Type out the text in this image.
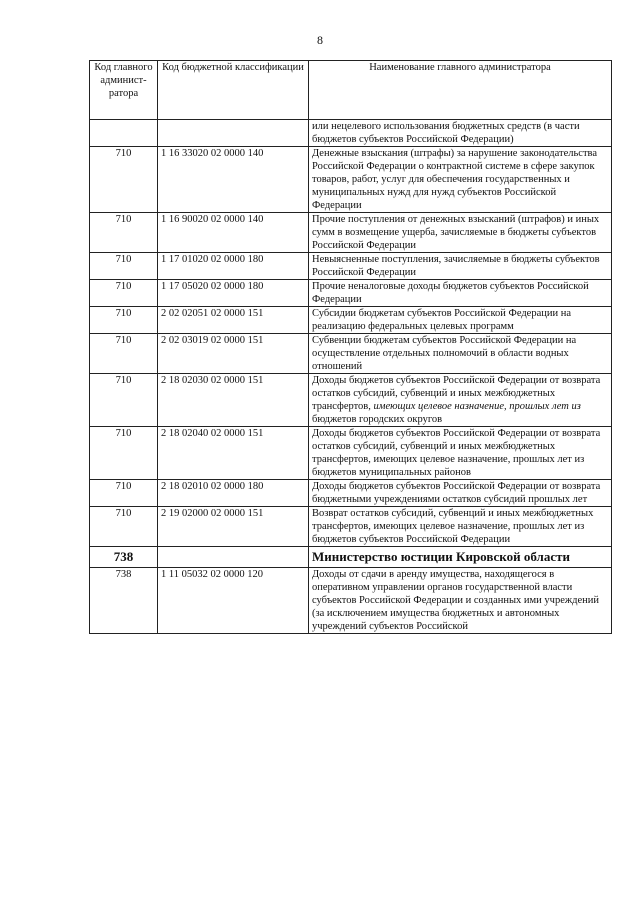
8
Код главного админист-ратора	Код бюджетной классификации	Наименование главного администратора
		или нецелевого использования бюджетных средств (в части бюджетов субъектов Российской Федерации)
710	1 16 33020 02 0000 140	Денежные взыскания (штрафы) за нарушение законодательства Российской Федерации о контрактной системе в сфере закупок товаров, работ, услуг для обеспечения государственных и муниципальных нужд для нужд субъектов Российской Федерации
710	1 16 90020 02 0000 140	Прочие поступления от денежных взысканий (штрафов) и иных сумм в возмещение ущерба, зачисляемые в бюджеты субъектов Российской Федерации
710	1 17 01020 02 0000 180	Невыясненные поступления, зачисляемые в бюджеты субъектов Российской Федерации
710	1 17 05020 02 0000 180	Прочие неналоговые доходы бюджетов субъектов Российской Федерации
710	2 02 02051 02 0000 151	Субсидии бюджетам субъектов Российской Федерации на реализацию федеральных целевых программ
710	2 02 03019 02 0000 151	Субвенции бюджетам субъектов Российской Федерации на осуществление отдельных полномочий в области водных отношений
710	2 18 02030 02 0000 151	Доходы бюджетов субъектов Российской Федерации от возврата остатков субсидий, субвенций и иных межбюджетных трансфертов, имеющих целевое назначение, прошлых лет из бюджетов городских округов
710	2 18 02040 02 0000 151	Доходы бюджетов субъектов Российской Федерации от возврата остатков субсидий, субвенций и иных межбюджетных трансфертов, имеющих целевое назначение, прошлых лет из бюджетов муниципальных районов
710	2 18 02010 02 0000 180	Доходы бюджетов субъектов Российской Федерации от возврата бюджетными учреждениями остатков субсидий прошлых лет
710	2 19 02000 02 0000 151	Возврат остатков субсидий, субвенций и иных межбюджетных трансфертов, имеющих целевое назначение, прошлых лет из бюджетов субъектов Российской Федерации
738		Министерство юстиции Кировской области
738	1 11 05032 02 0000 120	Доходы от сдачи в аренду имущества, находящегося в оперативном управлении органов государственной власти субъектов Российской Федерации и созданных ими учреждений (за исключением имущества бюджетных и автономных учреждений субъектов Российской
